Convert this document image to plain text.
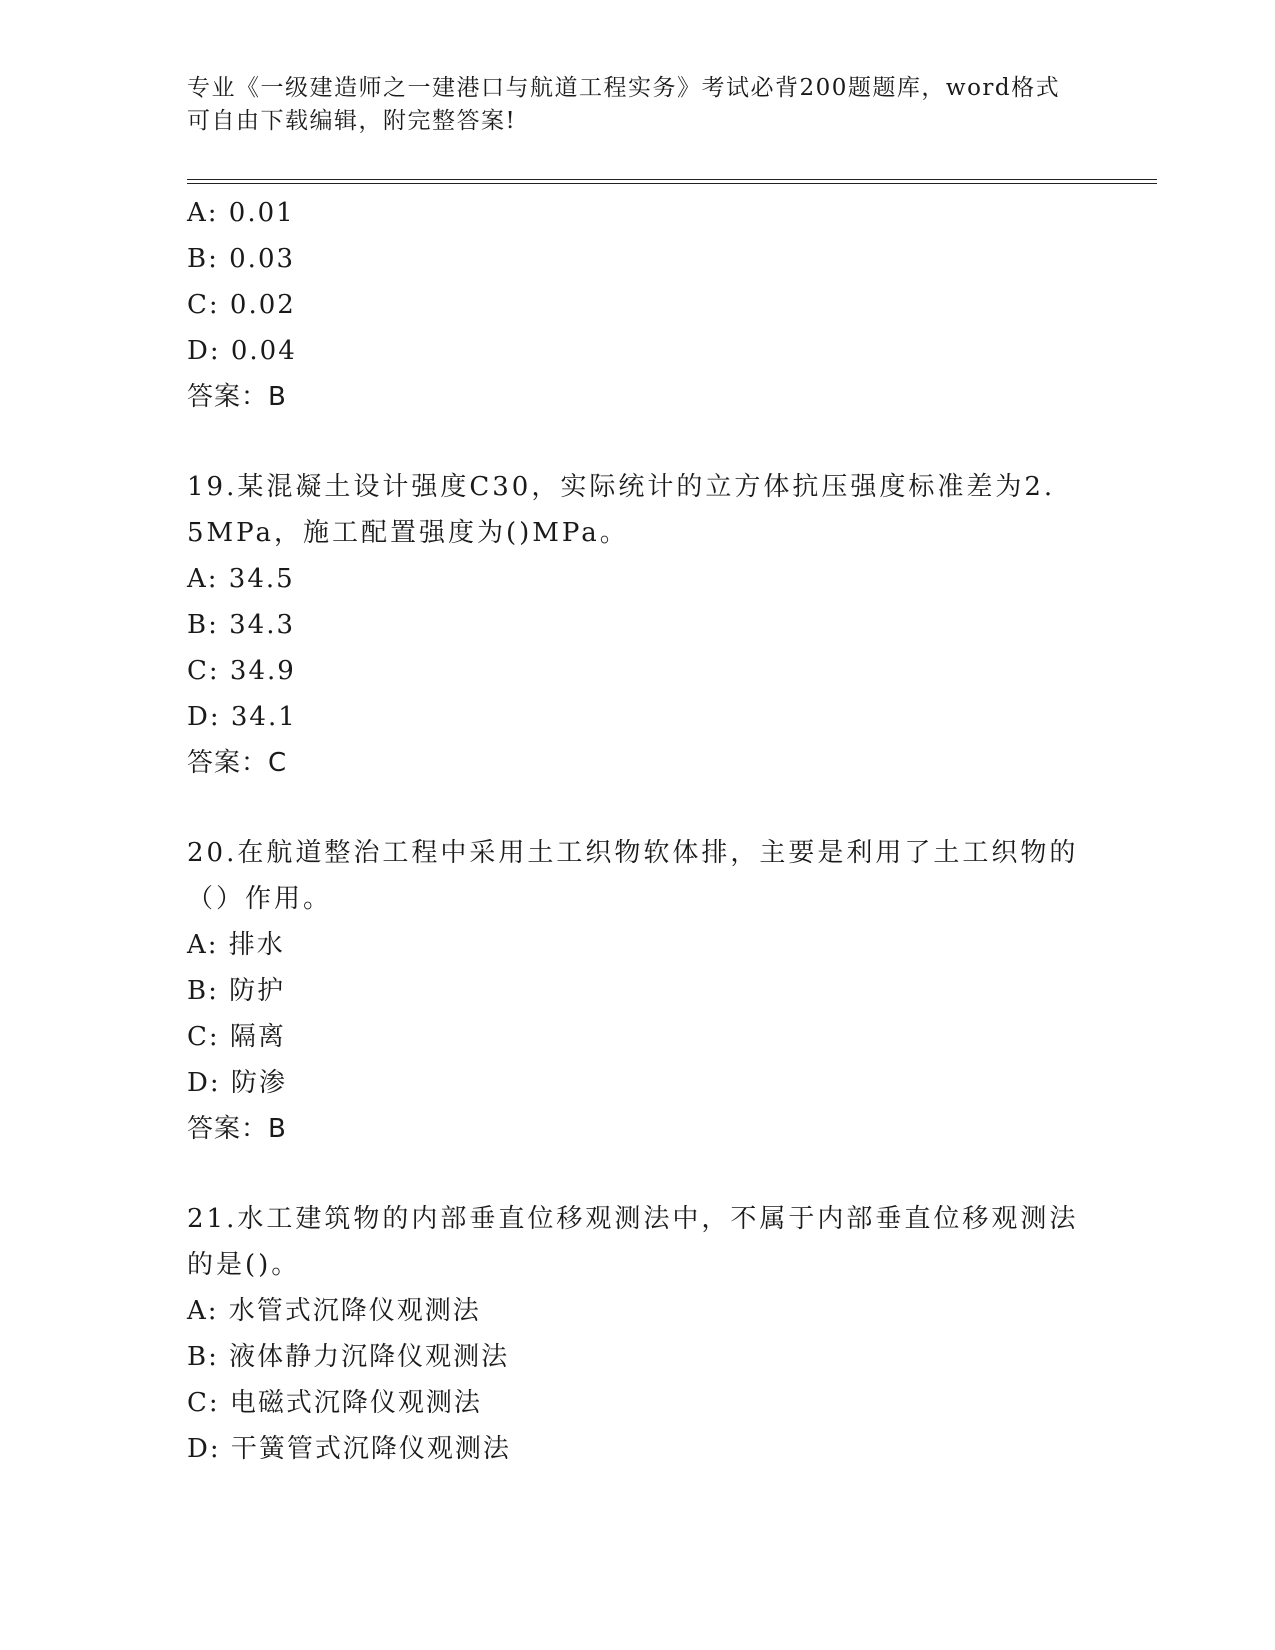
专业《一级建造师之一建港口与航道工程实务》考试必背200题题库，word格式
可自由下载编辑，附完整答案!
A: 0.01
B: 0.03
C: 0.02
D: 0.04
答案：B
19.某混凝土设计强度C30，实际统计的立方体抗压强度标准差为2.
5MPa，施工配置强度为()MPa。
A: 34.5
B: 34.3
C: 34.9
D: 34.1
答案：C
20.在航道整治工程中采用土工织物软体排，主要是利用了土工织物的
（）作用。
A: 排水
B: 防护
C: 隔离
D: 防渗
答案：B
21.水工建筑物的内部垂直位移观测法中，不属于内部垂直位移观测法
的是()。
A: 水管式沉降仪观测法
B: 液体静力沉降仪观测法
C: 电磁式沉降仪观测法
D: 干簧管式沉降仪观测法
